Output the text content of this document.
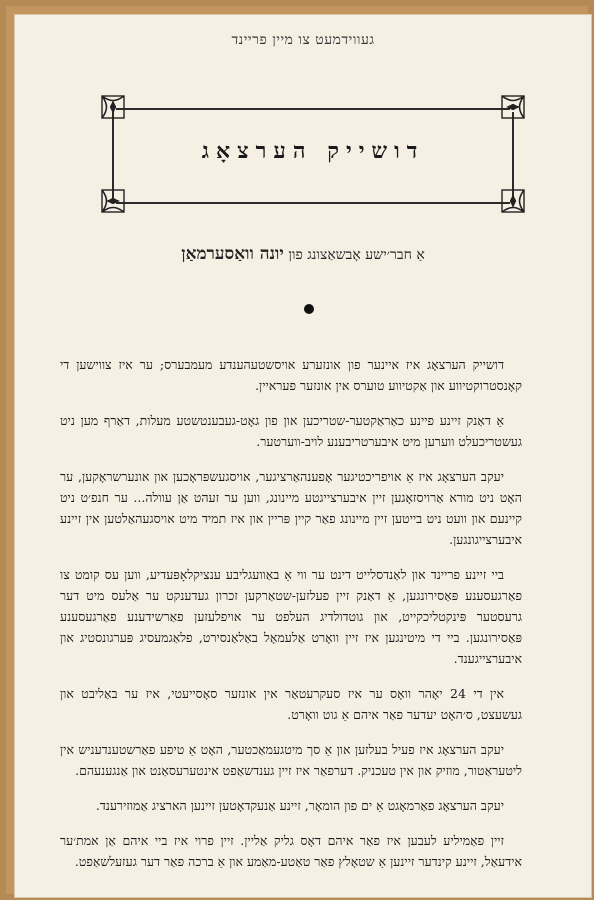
געווידמעט צו מיין פריינד
דושייק הערצאָג
אַ חבר׳ישע אָבשאַצונג פון יונה וואַסערמאַן

דושייק הערצאָג איז איינער פון אונזערע אויסשטעהענדע מעמבערס; ער איז צווישען די קאָנסטרוקטיווע און אַקטיווע טוערס אין אונזער פעראיין.

אַ דאַנק זיינע פיינע כאַראַקטער-שטריכען און פון גאָט-געבענטשטע מעלות, דאַרף מען ניט געשטריכעלט ווערען מיט איבערטריבענע לויב-ווערטער.

יעקב הערצאָג איז אַ אויפריכטיגער אָפענהאַרציגער, אויסגעשפּראָכען און אונערשראָקען, ער האָט ניט מורא אַרויסזאָגען זיין איבערצייגטע מיינונג, ווען ער זעהט אַן עוולה... ער חנפ׳ט ניט קיינעם און וועט ניט בייטען זיין מיינונג פאַר קיין פּריין און איז תמיד מיט אויסגעהאַלטען אין זיינע איבערצייגונגען.

ביי זיינע פריינד און לאַנדסלייט דינט ער ווי אַ באַוועגליבע ענציקלאָפּעדיע, ווען עס קומט צו פאַרגעסענע פּאַסירונגען, אַ דאַנק זיין פעלזען-שטאַרקען זכרון געדענקט ער אַלעס מיט דער גרעסטער פּינקטליכקייט, און גוטדולדיג העלפט ער אויפלעזען פאַרשידענע פאַרגעסענע פּאַסירונגען. ביי די מיטינגען איז זיין וואָרט אַלעמאָל באַלאַנסירט, פלאַגמעסיג פּערגונסטיג און איבערצייגענד.

אין די 24 יאָהר וואָס ער איז סעקרעטאַר אין אונזער סאָסייעטי, איז ער באַליבט און געשעצט, ס׳האָט יעדער פאַר איהם אַ גוט וואָרט.

יעקב הערצאָג איז פעיל בעלזען און אַ סך מיטגעמאַכטער, האָט אַ טיפע פאַרשטענדעניש אין ליטעראַטור, מוזיק און אין טעכניק. דערפאַר איז זיין גענדשאַפט אינטערעסאַנט און אַנגענעהם.

יעקב הערצאָג פאַרמאָגט אַ ים פון הומאָר, זיינע אַנעקדאָטען זיינען הארציג אַמוזירענד.

זיין פאַמיליע לעבען איז פאַר איהם דאָס גליק אַליין. זיין פרוי איז ביי איהם אַן אמת׳ער אידעאַל, זיינע קינדער זיינען אַ שטאָלץ פאַר טאַטע-מאַמע און אַ ברכה פאַר דער געזעלשאַפט.
